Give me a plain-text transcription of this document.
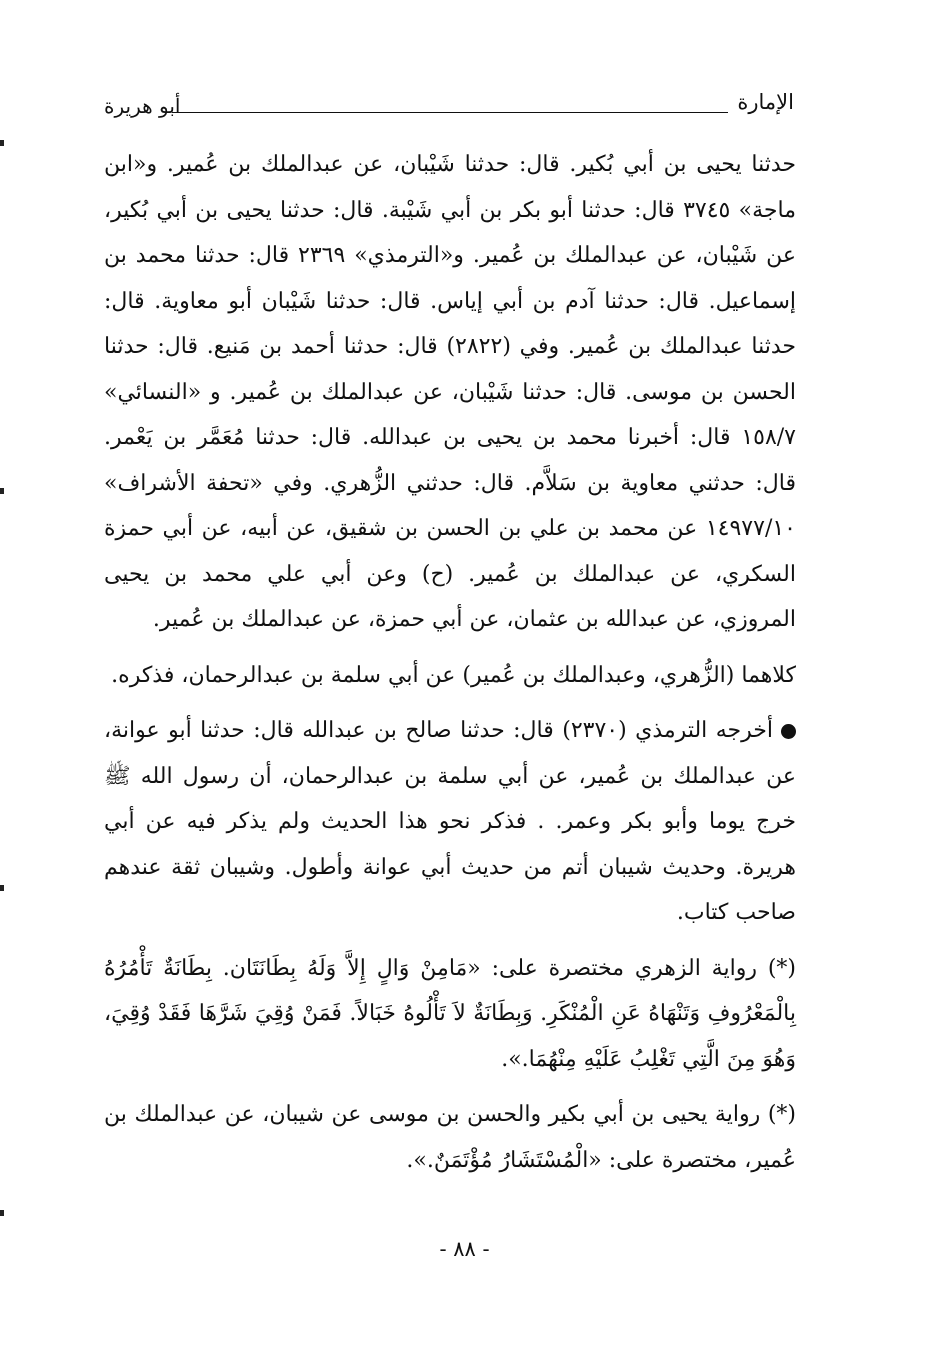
الإمارة
أبو هريرة

حدثنا يحيى بن أبي بُكير. قال: حدثنا شَيْبان، عن عبدالملك بن عُمير. و«ابن ماجة» ٣٧٤٥ قال: حدثنا أبو بكر بن أبي شَيْبة. قال: حدثنا يحيى بن أبي بُكير، عن شَيْبان، عن عبدالملك بن عُمير. و«الترمذي» ٢٣٦٩ قال: حدثنا محمد بن إسماعيل. قال: حدثنا آدم بن أبي إياس. قال: حدثنا شَيْبان أبو معاوية. قال: حدثنا عبدالملك بن عُمير. وفي (٢٨٢٢) قال: حدثنا أحمد بن مَنيع. قال: حدثنا الحسن بن موسى. قال: حدثنا شَيْبان، عن عبدالملك بن عُمير. و «النسائي» ١٥٨/٧ قال: أخبرنا محمد بن يحيى بن عبدالله. قال: حدثنا مُعَمَّر بن يَعْمر. قال: حدثني معاوية بن سَلاَّم. قال: حدثني الزُّهري. وفي «تحفة الأشراف» ١٤٩٧٧/١٠ عن محمد بن علي بن الحسن بن شقيق، عن أبيه، عن أبي حمزة السكري، عن عبدالملك بن عُمير. (ح) وعن أبي علي محمد بن يحيى المروزي، عن عبدالله بن عثمان، عن أبي حمزة، عن عبدالملك بن عُمير.

كلاهما (الزُّهري، وعبدالملك بن عُمير) عن أبي سلمة بن عبدالرحمان، فذكره.

أخرجه الترمذي (٢٣٧٠) قال: حدثنا صالح بن عبدالله قال: حدثنا أبو عوانة، عن عبدالملك بن عُمير، عن أبي سلمة بن عبدالرحمان، أن رسول الله ﷺ خرج يوما وأبو بكر وعمر. . فذكر نحو هذا الحديث ولم يذكر فيه عن أبي هريرة. وحديث شيبان أتم من حديث أبي عوانة وأطول. وشيبان ثقة عندهم صاحب كتاب.

(*) رواية الزهري مختصرة على: «مَامِنْ وَالٍ إِلاَّ وَلَهُ بِطَانَتَان. بِطَانَةٌ تَأْمُرُهُ بِالْمَعْرُوفِ وَتَنْهَاهُ عَنِ الْمُنْكَرِ. وَبِطَانَةٌ لاَ تَأْلُوهُ خَبَالاً. فَمَنْ وُقِيَ شَرَّهَا فَقَدْ وُقِيَ، وَهُوَ مِنَ الَّتِي تَغْلِبُ عَلَيْهِ مِنْهُمَا.».

(*) رواية يحيى بن أبي بكير والحسن بن موسى عن شيبان، عن عبدالملك بن عُمير، مختصرة على: «الْمُسْتَشَارُ مُؤْتَمَنٌ.».

- ٨٨ -
